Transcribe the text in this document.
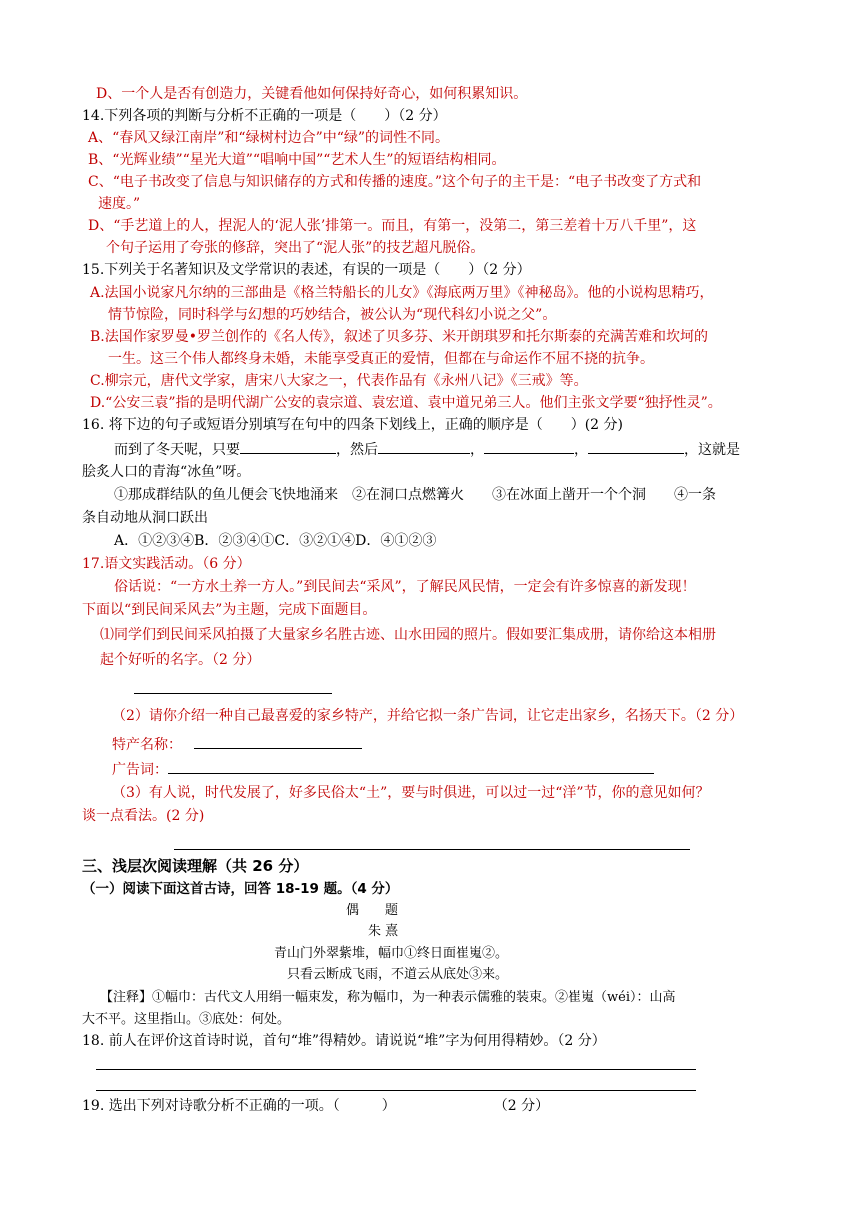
D、一个人是否有创造力，关键看他如何保持好奇心，如何积累知识。
14.下列各项的判断与分析不正确的一项是（　　）（2 分）
A、“春风又绿江南岸”和“绿树村边合”中“绿”的词性不同。
B、“光辉业绩”“星光大道”“唱响中国”“艺术人生”的短语结构相同。
C、“电子书改变了信息与知识储存的方式和传播的速度。”这个句子的主干是：“电子书改变了方式和
速度。”
D、“手艺道上的人，捏泥人的‘泥人张’排第一。而且，有第一，没第二，第三差着十万八千里”，这
个句子运用了夸张的修辞，突出了“泥人张”的技艺超凡脱俗。
15.下列关于名著知识及文学常识的表述，有误的一项是（　　）（2 分）
A.法国小说家凡尔纳的三部曲是《格兰特船长的儿女》《海底两万里》《神秘岛》。他的小说构思精巧，
情节惊险，同时科学与幻想的巧妙结合，被公认为“现代科幻小说之父”。
B.法国作家罗曼•罗兰创作的《名人传》，叙述了贝多芬、米开朗琪罗和托尔斯泰的充满苦难和坎坷的
一生。这三个伟人都终身未婚，未能享受真正的爱情，但都在与命运作不屈不挠的抗争。
C.柳宗元，唐代文学家，唐宋八大家之一，代表作品有《永州八记》《三戒》等。
D.“公安三袁”指的是明代湖广公安的袁宗道、袁宏道、袁中道兄弟三人。他们主张文学要“独抒性灵”。
16. 将下边的句子或短语分别填写在句中的四条下划线上，正确的顺序是（　　）(2 分)
而到了冬天呢，只要	，然后	，	，	，这就是
脍炙人口的青海“冰鱼”呀。
①那成群结队的鱼儿便会飞快地涌来　②在洞口点燃篝火　　③在冰面上凿开一个个洞　　④一条
条自动地从洞口跃出
A．①②③④B．②③④①C．③②①④D．④①②③
17.语文实践活动。（6 分）
俗话说：“一方水土养一方人。”到民间去“采风”，了解民风民情，一定会有许多惊喜的新发现！
下面以“到民间采风去”为主题，完成下面题目。
⑴同学们到民间采风拍摄了大量家乡名胜古迹、山水田园的照片。假如要汇集成册，请你给这本相册
起个好听的名字。（2 分）
（2）请你介绍一种自己最喜爱的家乡特产，并给它拟一条广告词，让它走出家乡，名扬天下。（2 分）
特产名称：
广告词：
（3）有人说，时代发展了，好多民俗太“土”，要与时俱进，可以过一过“洋”节，你的意见如何？
谈一点看法。(2 分)
三、浅层次阅读理解（共 26 分）
（一）阅读下面这首古诗，回答 18-19 题。（4 分）
偶　　题
朱 熹
青山门外翠紫堆，幅巾①终日面崔嵬②。
只看云断成飞雨，不道云从底处③来。
【注释】①幅巾：古代文人用绢一幅束发，称为幅巾，为一种表示儒雅的装束。②崔嵬（wéi）：山高
大不平。这里指山。③底处：何处。
18. 前人在评价这首诗时说，首句“堆”得精妙。请说说“堆”字为何用得精妙。（2 分）
19. 选出下列对诗歌分析不正确的一项。（　　　）　　　　　　　　（2 分）
